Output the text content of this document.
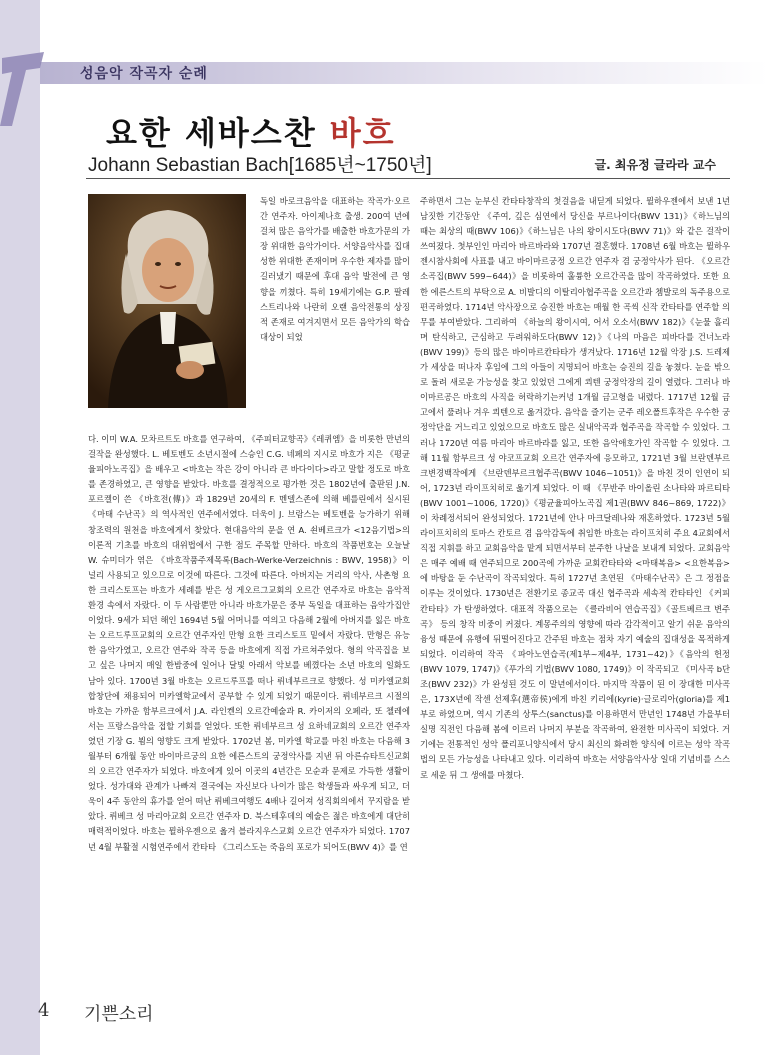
성음악 작곡자 순례
요한 세바스찬 바흐
Johann Sebastian Bach[1685년~1750년]	글. 최유정 글라라 교수

독일 바로크음악을 대표하는 작곡가·오르간 연주자. 아이제나흐 출생. 200여 년에 걸쳐 많은 음악가를 배출한 바흐가문의 가장 위대한 음악가이다. 서양음악사를 집대성한 위대한 존재이며 우수한 제자를 많이 길러냈기 때문에 후대 음악 발전에 큰 영향을 끼쳤다. 특히 19세기에는 G.P. 팔레스트리나와 나란히 오랜 음악전통의 상징적 존재로 여겨지면서 모든 음악가의 학습 대상이 되었

다. 이미 W.A. 모차르트도 바흐를 연구하여, 《주피터교향곡》《레퀴엠》을 비롯한 만년의 걸작을 완성했다. L. 베토벤도 소년시절에 스승인 C.G. 네페의 지시로 바흐가 지은 《평균율피아노곡집》을 배우고 <바흐는 작은 강이 아니라 큰 바다이다>라고 말할 정도로 바흐를 존경하였고, 큰 영향을 받았다. 바흐를 결정적으로 평가한 것은 1802년에 출판된 J.N. 포르켈이 쓴 《바흐전(傳)》과 1829년 20세의 F. 멘델스존에 의해 베를린에서 실시된 《마태 수난곡》의 역사적인 연주에서였다. 더욱이 J. 브람스는 베토벤을 능가하기 위해 창조력의 원천을 바흐에게서 찾았다. 현대음악의 문을 연 A. 쇤베르크가 <12음기법>의 이론적 기초를 바흐의 대위법에서 구한 점도 주목할 만하다. 바흐의 작품번호는 오늘날 W. 슈미더가 엮은 《바흐작품주제목록(Bach-Werke-Verzeichnis : BWV, 1958)》이 널리 사용되고 있으므로 이것에 따른다. 그것에 따른다. 아버지는 거리의 악사, 사촌형 요한 크리스토프는 바흐가 세례를 받은 성 게오르그교회의 오르간 연주자로 바흐는 음악적 환경 속에서 자랐다. 이 두 사람뿐만 아니라 바흐가문은 중부 독일을 대표하는 음악가집안이었다. 9세가 되던 해인 1694년 5월 어머니를 여의고 다음해 2월에 아버지를 잃은 바흐는 오르드루프교회의 오르간 연주자인 만형 요한 크리스토프 밑에서 자랐다. 만형은 유능한 음악가였고, 오르간 연주와 작곡 등을 바흐에게 직접 가르쳐주었다. 형의 악곡집을 보고 싶은 나머지 매일 한밤중에 일어나 달빛 아래서 악보를 베꼈다는 소년 바흐의 일화도 남아 있다. 1700년 3월 바흐는 오르드루프를 떠나 뤼네부르크로 향했다. 성 미카엘교회 합창단에 채용되어 미카엘학교에서 공부할 수 있게 되었기 때문이다. 뤼네부르크 시절의 바흐는 가까운 함부르크에서 J.A. 라인켄의 오르간예술과 R. 카이저의 오페라, 또 첼레에서는 프랑스음악을 접할 기회를 얻었다. 또한 뤼네부르크 성 요하네교회의 오르간 연주자였던 기장 G. 뵘의 영향도 크게 받았다. 1702년 봄, 미카엘 학교를 마친 바흐는 다음해 3월부터 6개월 동안 바이마르궁의 요한 에른스트의 궁정악사를 지낸 뒤 아른슈타트신교회의 오르간 연주자가 되었다. 바흐에게 있어 이곳의 4년간은 모순과 문제로 가득한 생활이었다. 성가대와 관계가 나빠져 결국에는 자신보다 나이가 많은 학생들과 싸우게 되고, 더욱이 4주 동안의 휴가를 얻어 떠난 뤼베크여행도 4배나 길어져 성직회의에서 꾸지람을 받았다. 뤼베크 성 마리아교회 오르간 연주자 D. 북스테후데의 예술은 젊은 바흐에게 대단히 매력적이었다. 바흐는 뮐하우젠으로 옮겨 블라지우스교회 오르간 연주자가 되었다. 1707년 4월 부활절 시험연주에서 칸타타 《그리스도는 죽음의 포로가 되어도(BWV 4)》를 연

주하면서 그는 눈부신 칸타타창작의 첫걸음을 내딛게 되었다. 뮐하우젠에서 보낸 1년 남짓한 기간동안 《주여, 깊은 심연에서 당신을 부르나이다(BWV 131)》《하느님의 때는 최상의 때(BWV 106)》《하느님은 나의 왕이시도다(BWV 71)》와 같은 걸작이 쓰여졌다. 첫부인인 마리아 바르바라와 1707년 결혼했다. 1708년 6월 바흐는 뮐하우젠시참사회에 사표를 내고 바이마르궁정 오르간 연주자 겸 궁정악사가 된다. 《오르간소곡집(BWV 599~644)》을 비롯하여 훌륭한 오르간곡을 많이 작곡하였다. 또한 요한 에른스트의 부탁으로 A. 비발디의 이탈리아협주곡을 오르간과 쳄발로의 독주용으로 편곡하였다. 1714년 악사장으로 승진한 바흐는 매월 한 곡씩 신작 칸타타를 연주할 의무를 부여받았다. 그리하여 《하늘의 왕이시여, 어서 오소서(BWV 182)》《눈물 흘리며 탄식하고, 근심하고 두려워하도다(BWV 12)》《나의 마음은 피바다를 건너노라(BWV 199)》등의 많은 바이마르칸타타가 생겨났다. 1716년 12월 악장 J.S. 드레제가 세상을 떠나자 후임에 그의 아들이 지명되어 바흐는 승진의 길을 놓쳤다. 눈을 밖으로 돌려 새로운 가능성을 찾고 있었던 그에게 쾨텐 궁정악장의 길이 열렸다. 그러나 바이마르공은 바흐의 사직을 허락하기는커녕 1개월 금고형을 내렸다. 1717년 12월 금고에서 풀려나 겨우 쾨텐으로 옮겨갔다. 음악을 즐기는 군주 레오폴트후작은 우수한 궁정악단을 거느리고 있었으므로 바흐도 많은 실내악곡과 협주곡을 작곡할 수 있었다. 그러나 1720년 여름 마리아 바르바라를 잃고, 또한 음악애호가인 작곡할 수 있었다. 그 해 11월 함부르크 성 야코프교회 오르간 연주자에 응모하고, 1721년 3월 브란덴부르크변경백작에게 《브란덴부르크협주곡(BWV 1046~1051)》을 바친 것이 인연이 되어, 1723년 라이프치히로 옮기게 되었다. 이 때 《무반주 바이올린 소나타와 파르티타(BWV 1001~1006, 1720)》《평균율피아노곡집 제1권(BWV 846~869, 1722)》이 차례정서되어 완성되었다. 1721년에 안나 마크달레나와 재혼하였다. 1723년 5월 라이프치히의 토마스 칸토르 겸 음악감독에 취임한 바흐는 라이프치히 주요 4교회에서 직접 지휘를 하고 교회음악을 맡게 되면서부터 분주한 나날을 보내게 되었다. 교회음악은 매주 예배 때 연주되므로 200곡에 가까운 교회칸타타와 <마태복음> <요한복음>에 바탕을 둔 수난곡이 작곡되었다. 특히 1727년 초연된 《마태수난곡》은 그 정점을 이루는 것이었다. 1730년은 전환기로 종교곡 대신 협주곡과 세속적 칸타타인 《커피 칸타타》가 탄생하였다. 대표적 작품으로는 《클라비어 연습곡집》《골트베르크 변주곡》 등의 창작 비중이 커졌다. 계몽주의의 영향에 따라 감각적이고 알기 쉬운 음악의 융성 때문에 유행에 뒤떨어진다고 간주된 바흐는 점차 자기 예술의 집대성을 목적하게 되었다. 이리하여 작곡 《파아노연습곡(제1부~제4부, 1731~42)》《음악의 헌정(BWV 1079, 1747)》《푸가의 기법(BWV 1080, 1749)》이 작곡되고 《미사곡 b단조(BWV 232)》가 완성된 것도 이 말년에서이다. 마지막 작품이 된 이 장대한 미사곡은, 173X년에 작센 선제후(選帝侯)에게 바친 키리에(kyrie)·글로리아(gloria)를 제1부로 하였으며, 역시 기존의 상투스(sanctus)를 이용하면서 만년인 1748년 가을부터 실명 직전인 다음해 봄에 이르러 나머지 부분을 작곡하여, 완전한 미사곡이 되었다. 거기에는 전통적인 성악 폴리포니양식에서 당시 최신의 화려한 양식에 이르는 성악 작곡법의 모든 가능성을 나타내고 있다. 이리하여 바흐는 서양음악사상 일대 기념비를 스스로 세운 뒤 그 생애를 마쳤다.

4 기쁜소리
